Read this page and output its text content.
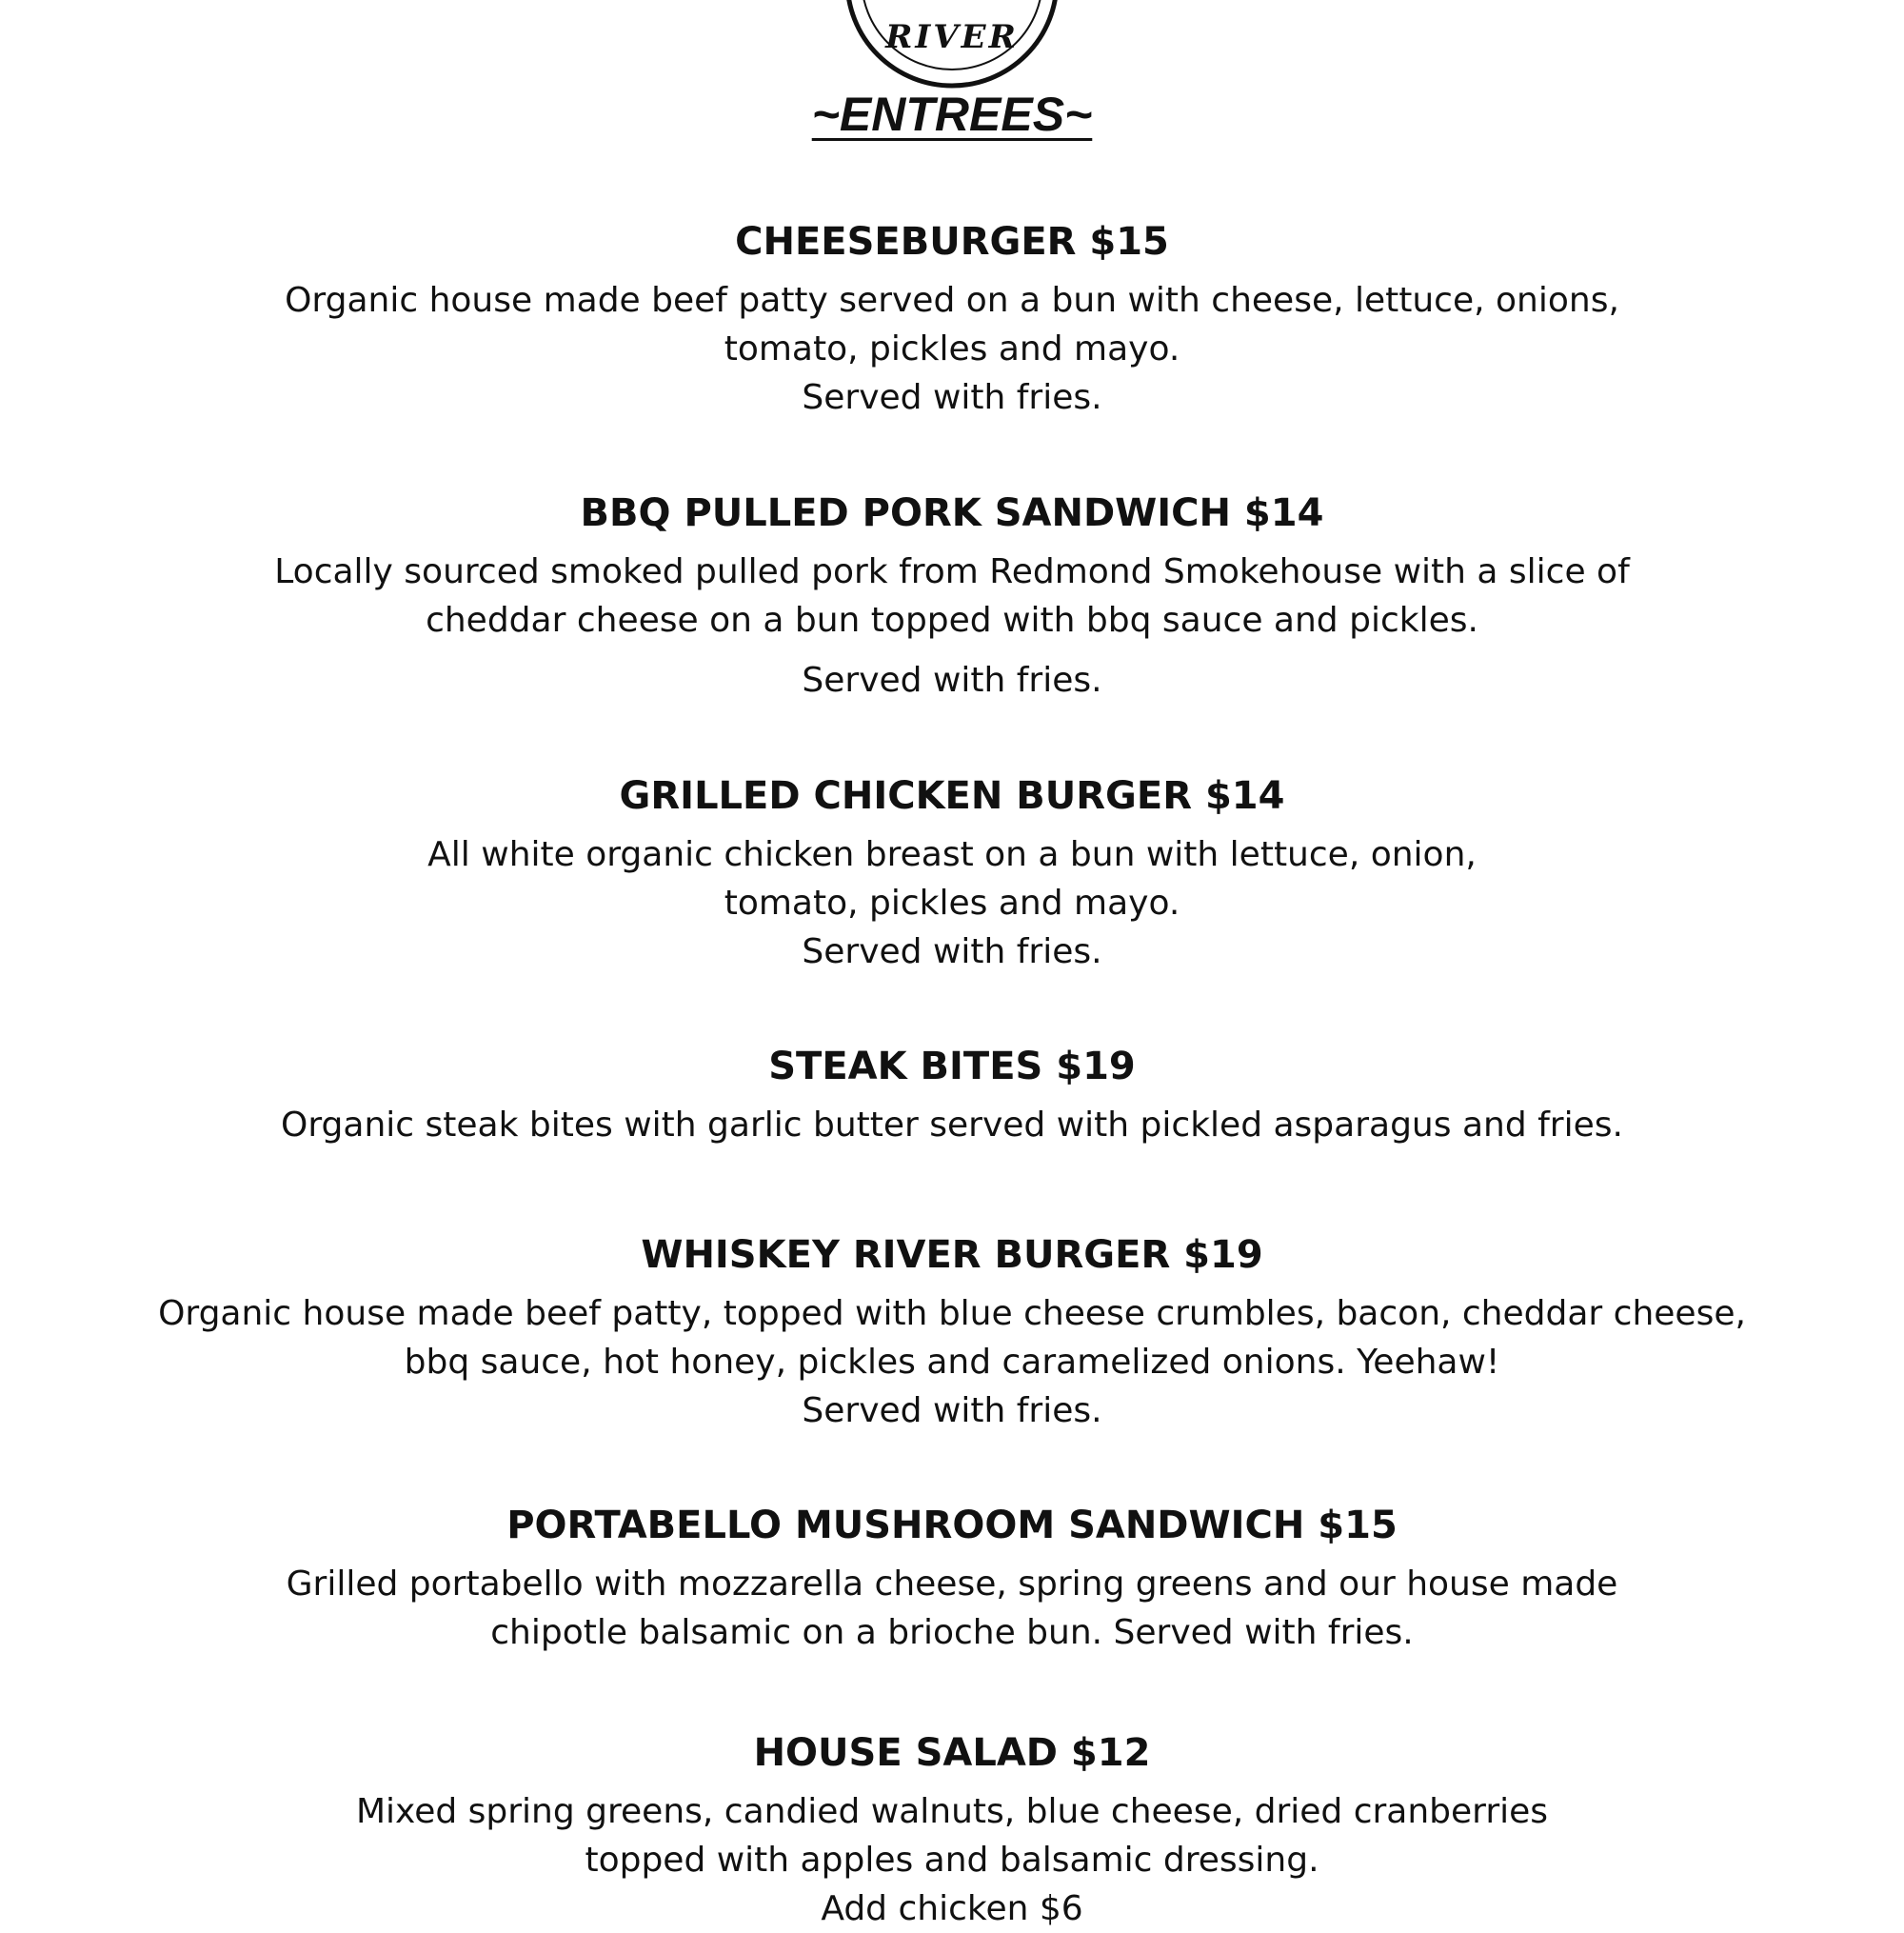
RIVER
~ENTREES~
CHEESEBURGER $15
Organic house made beef patty served on a bun with cheese, lettuce, onions,
tomato, pickles and mayo.
Served with fries.
BBQ PULLED PORK SANDWICH $14
Locally sourced smoked pulled pork from Redmond Smokehouse with a slice of
cheddar cheese on a bun topped with bbq sauce and pickles.
Served with fries.
GRILLED CHICKEN BURGER $14
All white organic chicken breast on a bun with lettuce, onion,
tomato, pickles and mayo.
Served with fries.
STEAK BITES $19
Organic steak bites with garlic butter served with pickled asparagus and fries.
WHISKEY RIVER BURGER $19
Organic house made beef patty, topped with blue cheese crumbles, bacon, cheddar cheese,
bbq sauce, hot honey, pickles and caramelized onions. Yeehaw!
Served with fries.
PORTABELLO MUSHROOM SANDWICH $15
Grilled portabello with mozzarella cheese, spring greens and our house made
chipotle balsamic on a brioche bun. Served with fries.
HOUSE SALAD $12
Mixed spring greens, candied walnuts, blue cheese, dried cranberries
topped with apples and balsamic dressing.
Add chicken $6
